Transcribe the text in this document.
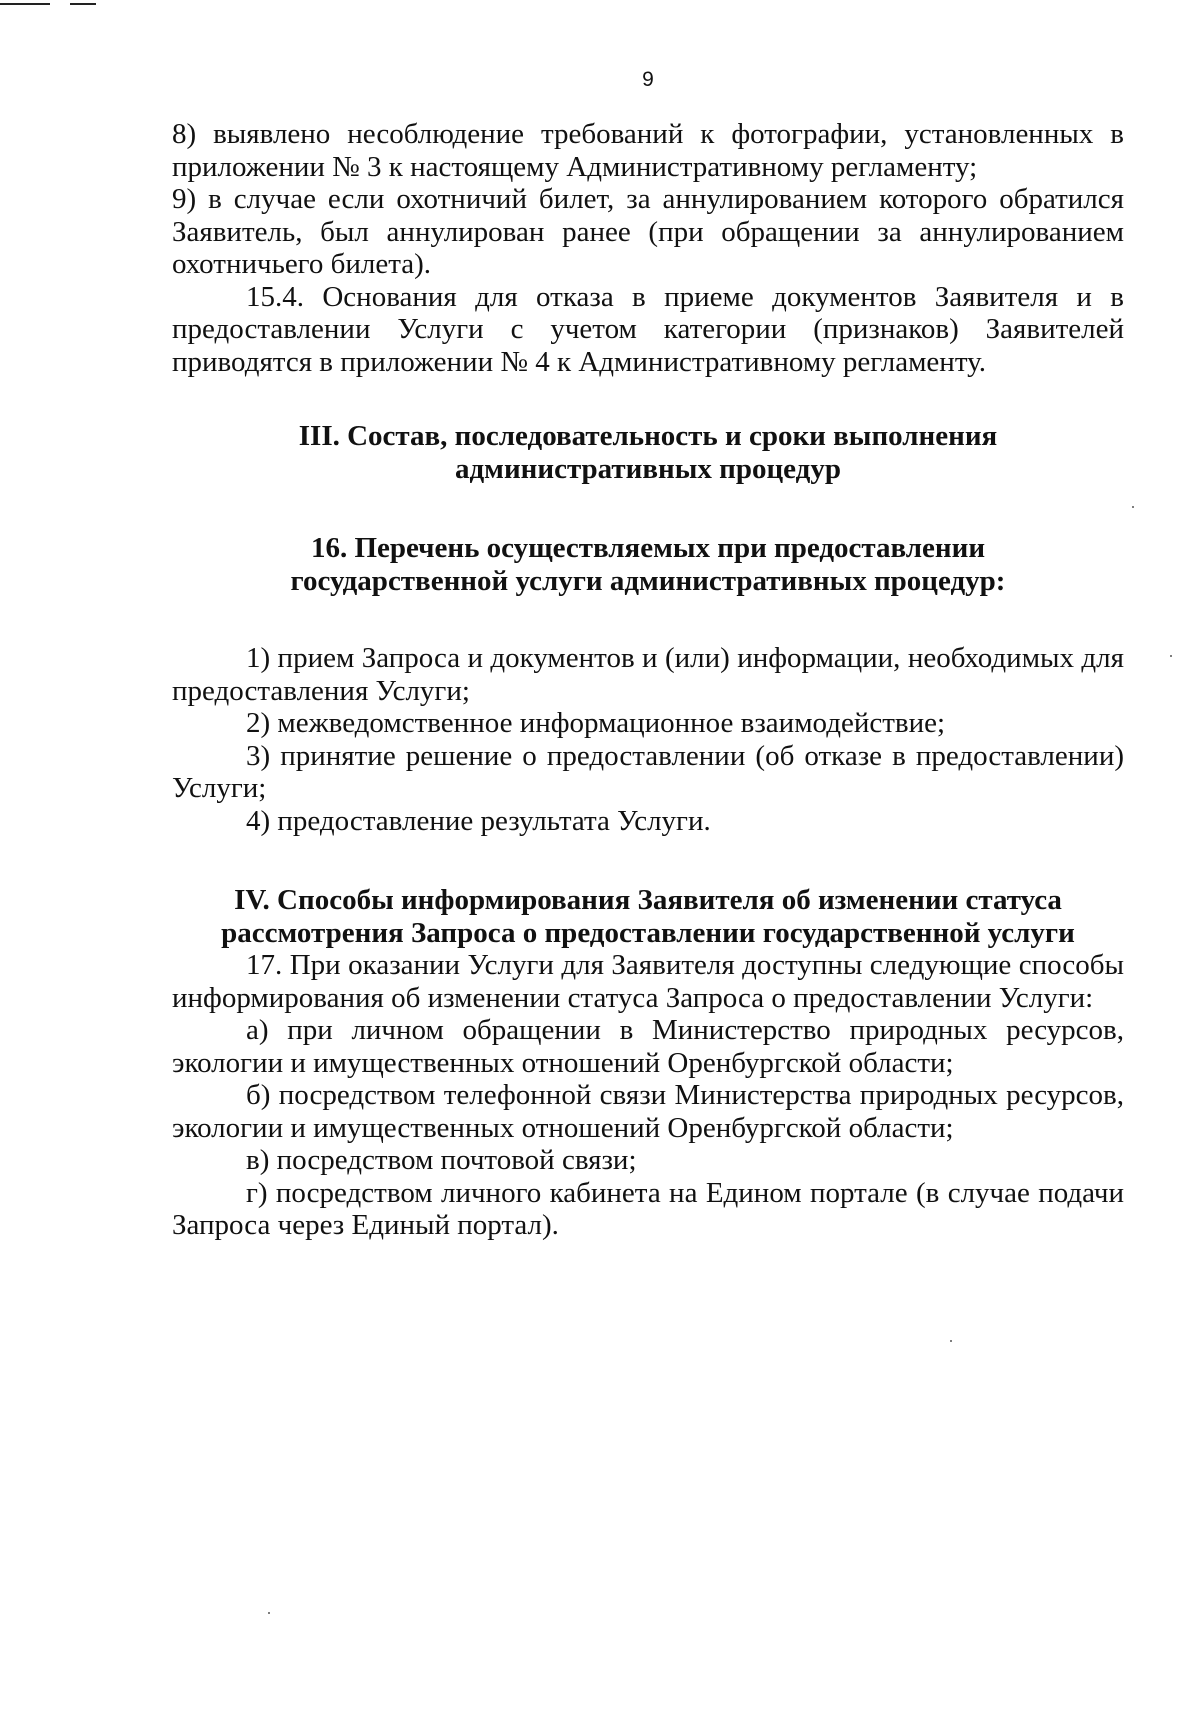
9

8) выявлено несоблюдение требований к фотографии, установленных в приложении № 3 к настоящему Административному регламенту;

9) в случае если охотничий билет, за аннулированием которого обратился Заявитель, был аннулирован ранее (при обращении за аннулированием охотничьего билета).

15.4. Основания для отказа в приеме документов Заявителя и в предоставлении Услуги с учетом категории (признаков) Заявителей приводятся в приложении № 4 к Административному регламенту.

III. Состав, последовательность и сроки выполнения административных процедур
16. Перечень осуществляемых при предоставлении государственной услуги административных процедур:

1) прием Запроса и документов и (или) информации, необходимых для предоставления Услуги;

2) межведомственное информационное взаимодействие;

3) принятие решение о предоставлении (об отказе в предоставлении) Услуги;

4) предоставление результата Услуги.

IV. Способы информирования Заявителя об изменении статуса рассмотрения Запроса о предоставлении государственной услуги

17. При оказании Услуги для Заявителя доступны следующие способы информирования об изменении статуса Запроса о предоставлении Услуги:

а) при личном обращении в Министерство природных ресурсов, экологии и имущественных отношений Оренбургской области;

б) посредством телефонной связи Министерства природных ресурсов, экологии и имущественных отношений Оренбургской области;

в) посредством почтовой связи;

г) посредством личного кабинета на Едином портале (в случае подачи Запроса через Единый портал).
